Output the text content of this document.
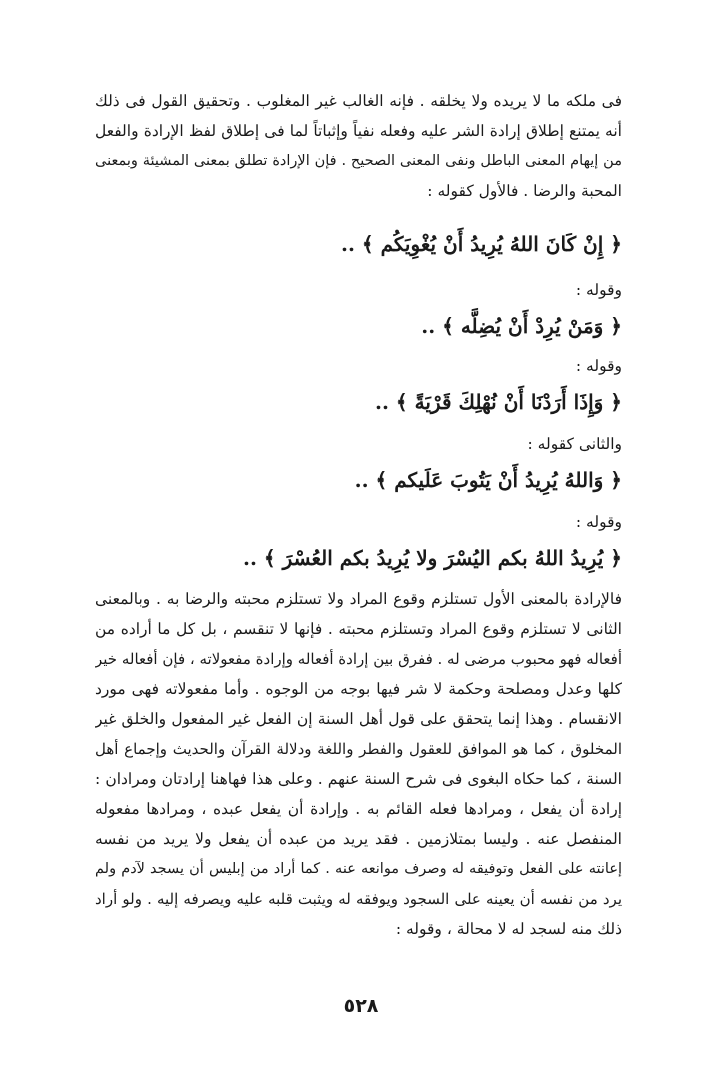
فى ملكه ما لا يريده ولا يخلقه . فإنه الغالب غير المغلوب . وتحقيق القول فى ذلك
أنه يمتنع إطلاق إرادة الشر عليه وفعله نفياً وإثباتاً لما فى إطلاق لفظ الإرادة والفعل
من إيهام المعنى الباطل ونفى المعنى الصحيح . فإن الإرادة تطلق بمعنى المشيئة وبمعنى
المحبة والرضا . فالأول كقوله :
﴿ إِنْ كَانَ اللهُ يُرِيدُ أَنْ يُغْوِيَكُم ﴾ ..
وقوله :
﴿ وَمَنْ يُرِدْ أَنْ يُضِلَّه ﴾ ..
وقوله :
﴿ وَإِذَا أَرَدْنَا أَنْ نُهْلِكَ قَرْيَةً ﴾ ..
والثانى كقوله :
﴿ وَاللهُ يُرِيدُ أَنْ يَتُوبَ عَلَيكم ﴾ ..
وقوله :
﴿ يُرِيدُ اللهُ بكم اليُسْرَ ولا يُرِيدُ بكم العُسْرَ ﴾ ..
فالإرادة بالمعنى الأول تستلزم وقوع المراد ولا تستلزم محبته والرضا به . وبالمعنى
الثانى لا تستلزم وقوع المراد وتستلزم محبته . فإنها لا تنقسم ، بل كل ما أراده من
أفعاله فهو محبوب مرضى له . ففرق بين إرادة أفعاله وإرادة مفعولاته ، فإن أفعاله خير
كلها وعدل ومصلحة وحكمة لا شر فيها بوجه من الوجوه . وأما مفعولاته فهى مورد
الانقسام . وهذا إنما يتحقق على قول أهل السنة إن الفعل غير المفعول والخلق غير
المخلوق ، كما هو الموافق للعقول والفطر واللغة ودلالة القرآن والحديث وإجماع أهل
السنة ، كما حكاه البغوى فى شرح السنة عنهم . وعلى هذا فهاهنا إرادتان ومرادان :
إرادة أن يفعل ، ومرادها فعله القائم به . وإرادة أن يفعل عبده ، ومرادها مفعوله
المنفصل عنه . وليسا بمتلازمين . فقد يريد من عبده أن يفعل ولا يريد من نفسه
إعانته على الفعل وتوفيقه له وصرف موانعه عنه . كما أراد من إبليس أن يسجد لآدم ولم
يرد من نفسه أن يعينه على السجود ويوفقه له ويثبت قلبه عليه ويصرفه إليه . ولو أراد
ذلك منه لسجد له لا محالة ، وقوله :
٥٢٨
